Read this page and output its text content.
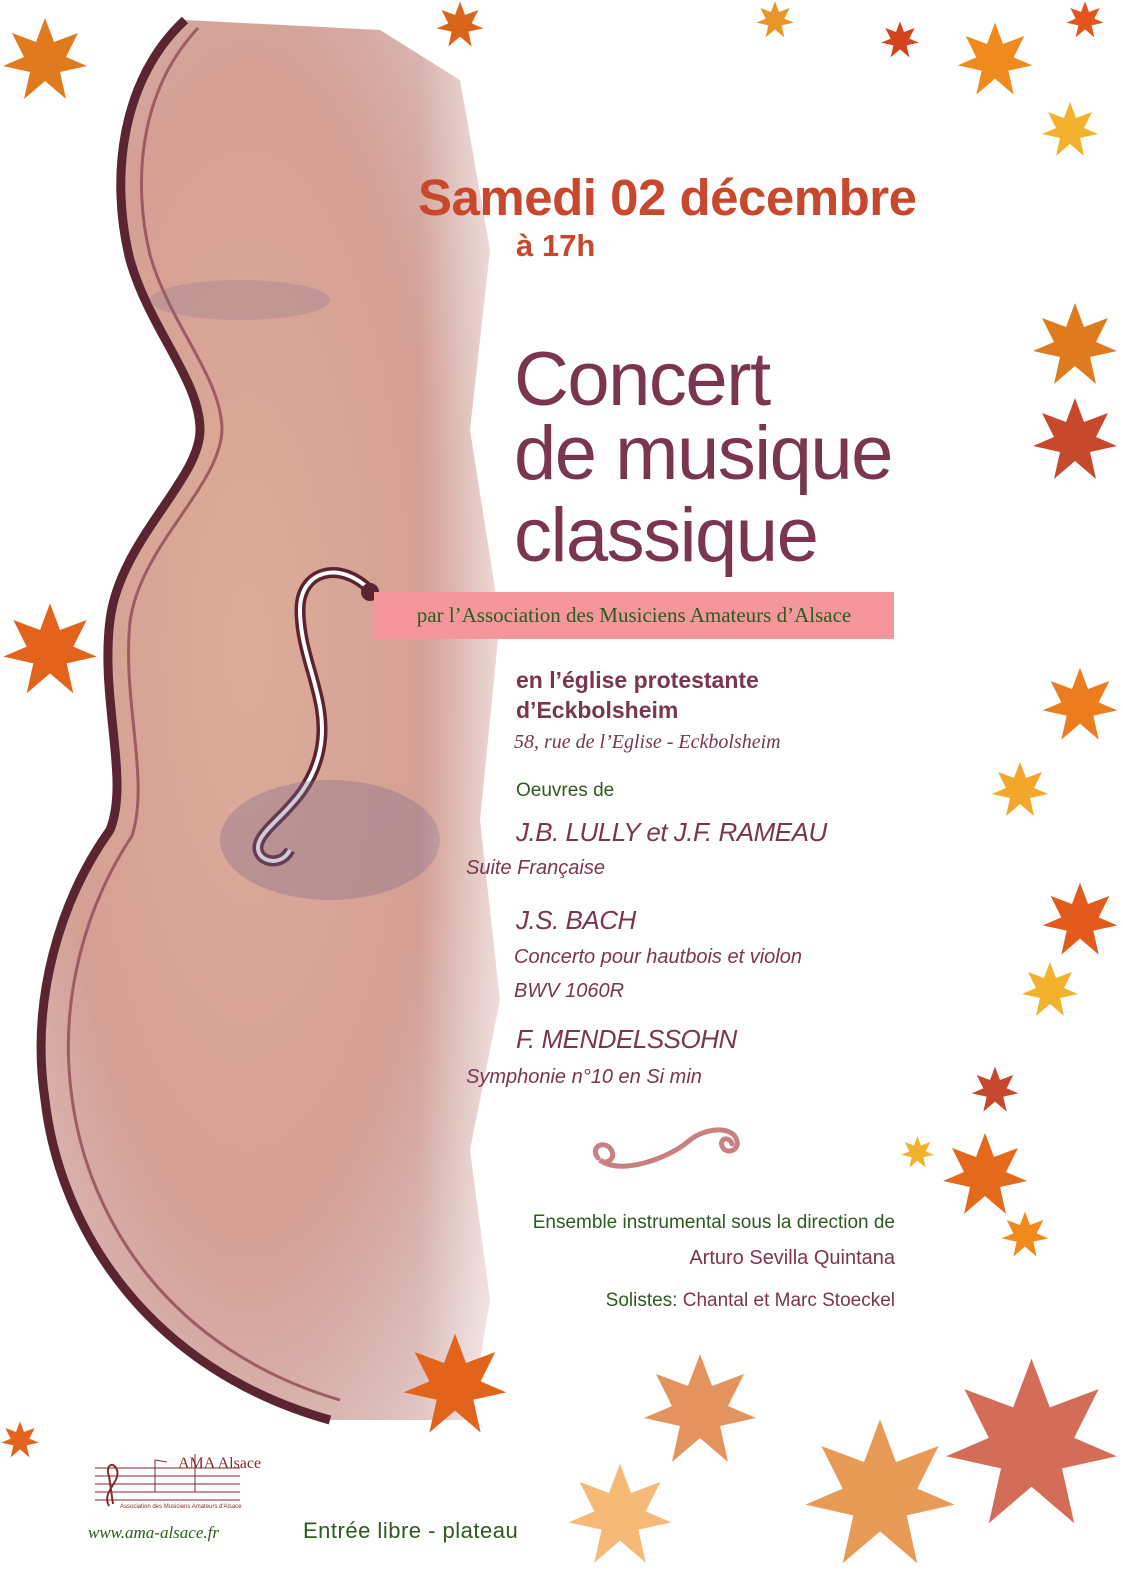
Samedi 02 décembre
à 17h
Concert
de musique
classique
par l’Association des Musiciens Amateurs d’Alsace
en l’église protestante
d’Eckbolsheim
58, rue de l’Eglise - Eckbolsheim
Oeuvres de
J.B. LULLY et J.F. RAMEAU
Suite Française
J.S. BACH
Concerto pour hautbois et violon
BWV 1060R
F. MENDELSSOHN
Symphonie n°10 en Si min
Ensemble instrumental sous la direction de
Arturo Sevilla Quintana
Solistes: Chantal et Marc Stoeckel
AMA Alsace
Association des Musiciens Amateurs d'Alsace
www.ama-alsace.fr	Entrée libre - plateau
